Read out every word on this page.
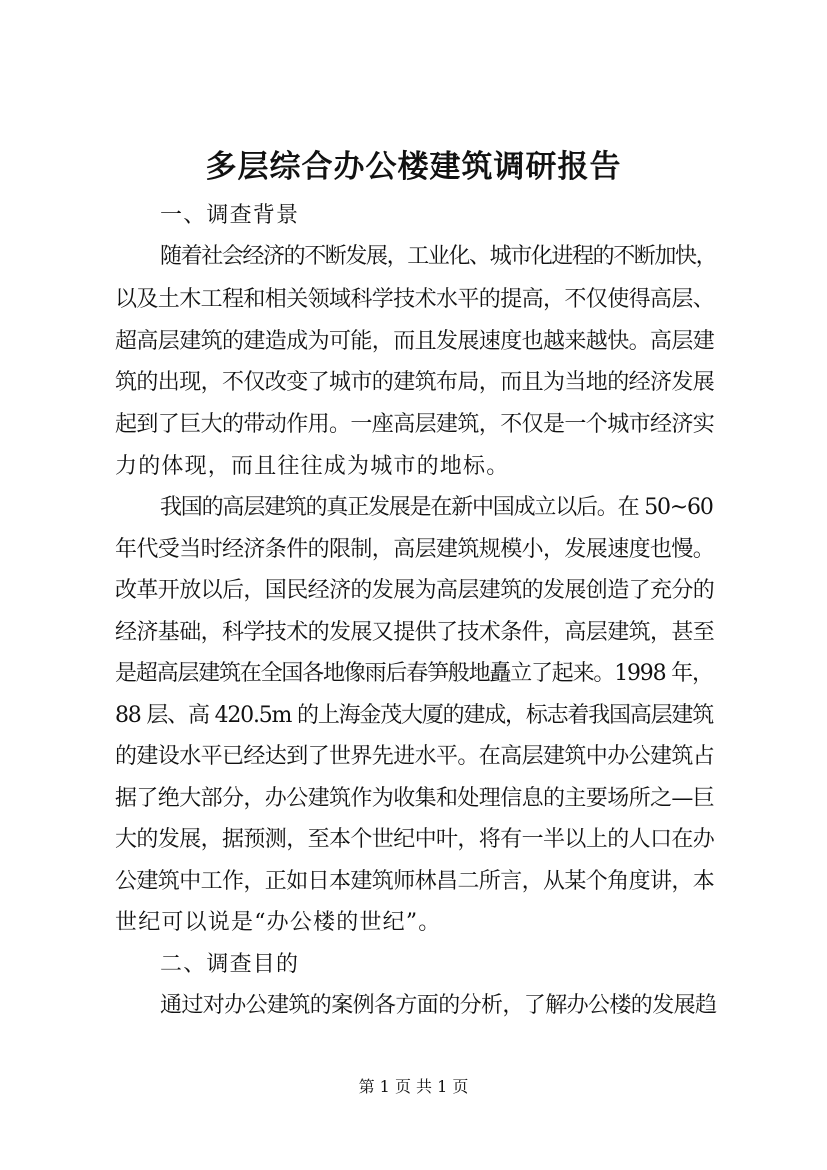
多层综合办公楼建筑调研报告
一、调查背景
随着社会经济的不断发展，工业化、城市化进程的不断加快，
以及土木工程和相关领域科学技术水平的提高，不仅使得高层、
超高层建筑的建造成为可能，而且发展速度也越来越快。高层建
筑的出现，不仅改变了城市的建筑布局，而且为当地的经济发展
起到了巨大的带动作用。一座高层建筑，不仅是一个城市经济实
力的体现，而且往往成为城市的地标。
我国的高层建筑的真正发展是在新中国成立以后。在 50~60
年代受当时经济条件的限制，高层建筑规模小，发展速度也慢。
改革开放以后，国民经济的发展为高层建筑的发展创造了充分的
经济基础，科学技术的发展又提供了技术条件，高层建筑，甚至
是超高层建筑在全国各地像雨后春笋般地矗立了起来。1998 年，
88 层、高 420.5m 的上海金茂大厦的建成，标志着我国高层建筑
的建设水平已经达到了世界先进水平。在高层建筑中办公建筑占
据了绝大部分，办公建筑作为收集和处理信息的主要场所之—巨
大的发展，据预测，至本个世纪中叶，将有一半以上的人口在办
公建筑中工作，正如日本建筑师林昌二所言，从某个角度讲，本
世纪可以说是“办公楼的世纪”。
二、调查目的
通过对办公建筑的案例各方面的分析，了解办公楼的发展趋
第 1 页 共 1 页
